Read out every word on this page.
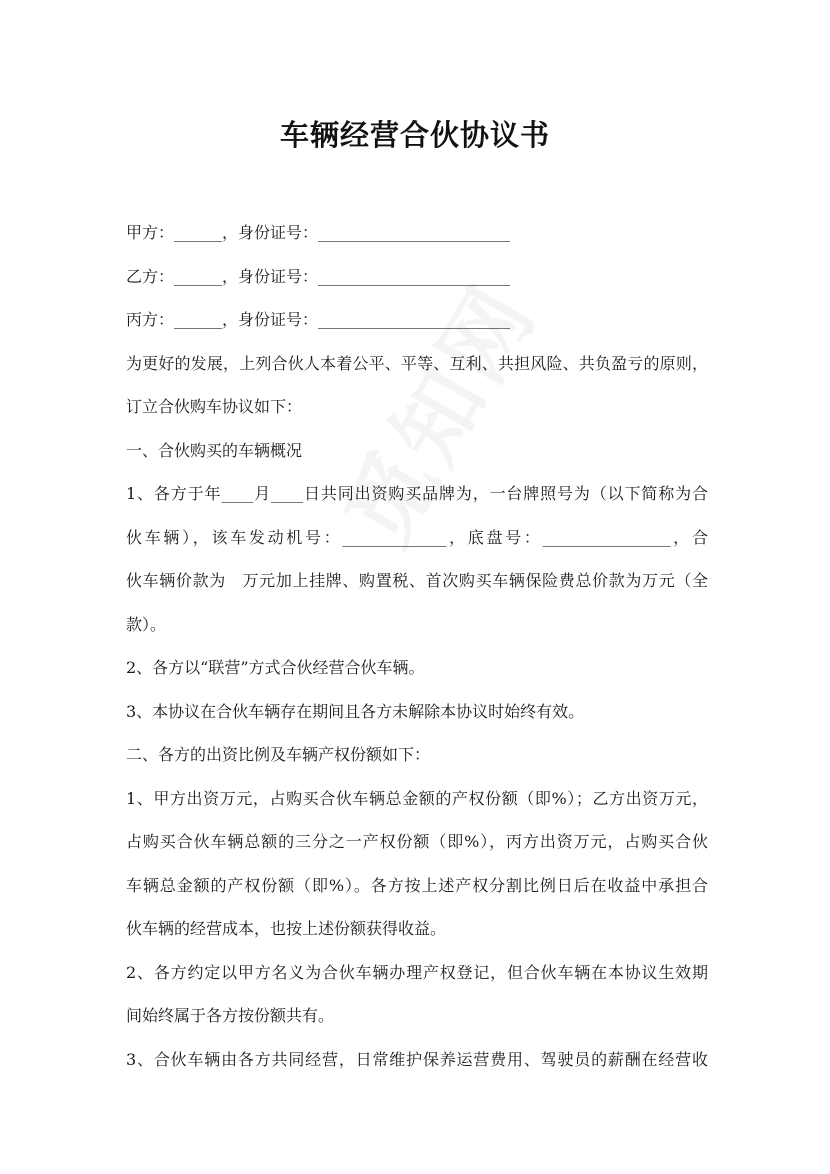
车辆经营合伙协议书
甲方：______，身份证号：________________________
乙方：______，身份证号：________________________
丙方：______，身份证号：________________________
为更好的发展，上列合伙人本着公平、平等、互利、共担风险、共负盈亏的原则，
订立合伙购车协议如下：
一、合伙购买的车辆概况
1、各方于年____月____日共同出资购买品牌为，一台牌照号为（以下简称为合
伙车辆），该车发动机号：_____________，底盘号：________________，合
伙车辆价款为　万元加上挂牌、购置税、首次购买车辆保险费总价款为万元（全
款）。
2、各方以“联营”方式合伙经营合伙车辆。
3、本协议在合伙车辆存在期间且各方未解除本协议时始终有效。
二、各方的出资比例及车辆产权份额如下：
1、甲方出资万元，占购买合伙车辆总金额的产权份额（即%）；乙方出资万元，
占购买合伙车辆总额的三分之一产权份额（即%），丙方出资万元，占购买合伙
车辆总金额的产权份额（即%）。各方按上述产权分割比例日后在收益中承担合
伙车辆的经营成本，也按上述份额获得收益。
2、各方约定以甲方名义为合伙车辆办理产权登记，但合伙车辆在本协议生效期
间始终属于各方按份额共有。
3、合伙车辆由各方共同经营，日常维护保养运营费用、驾驶员的薪酬在经营收
